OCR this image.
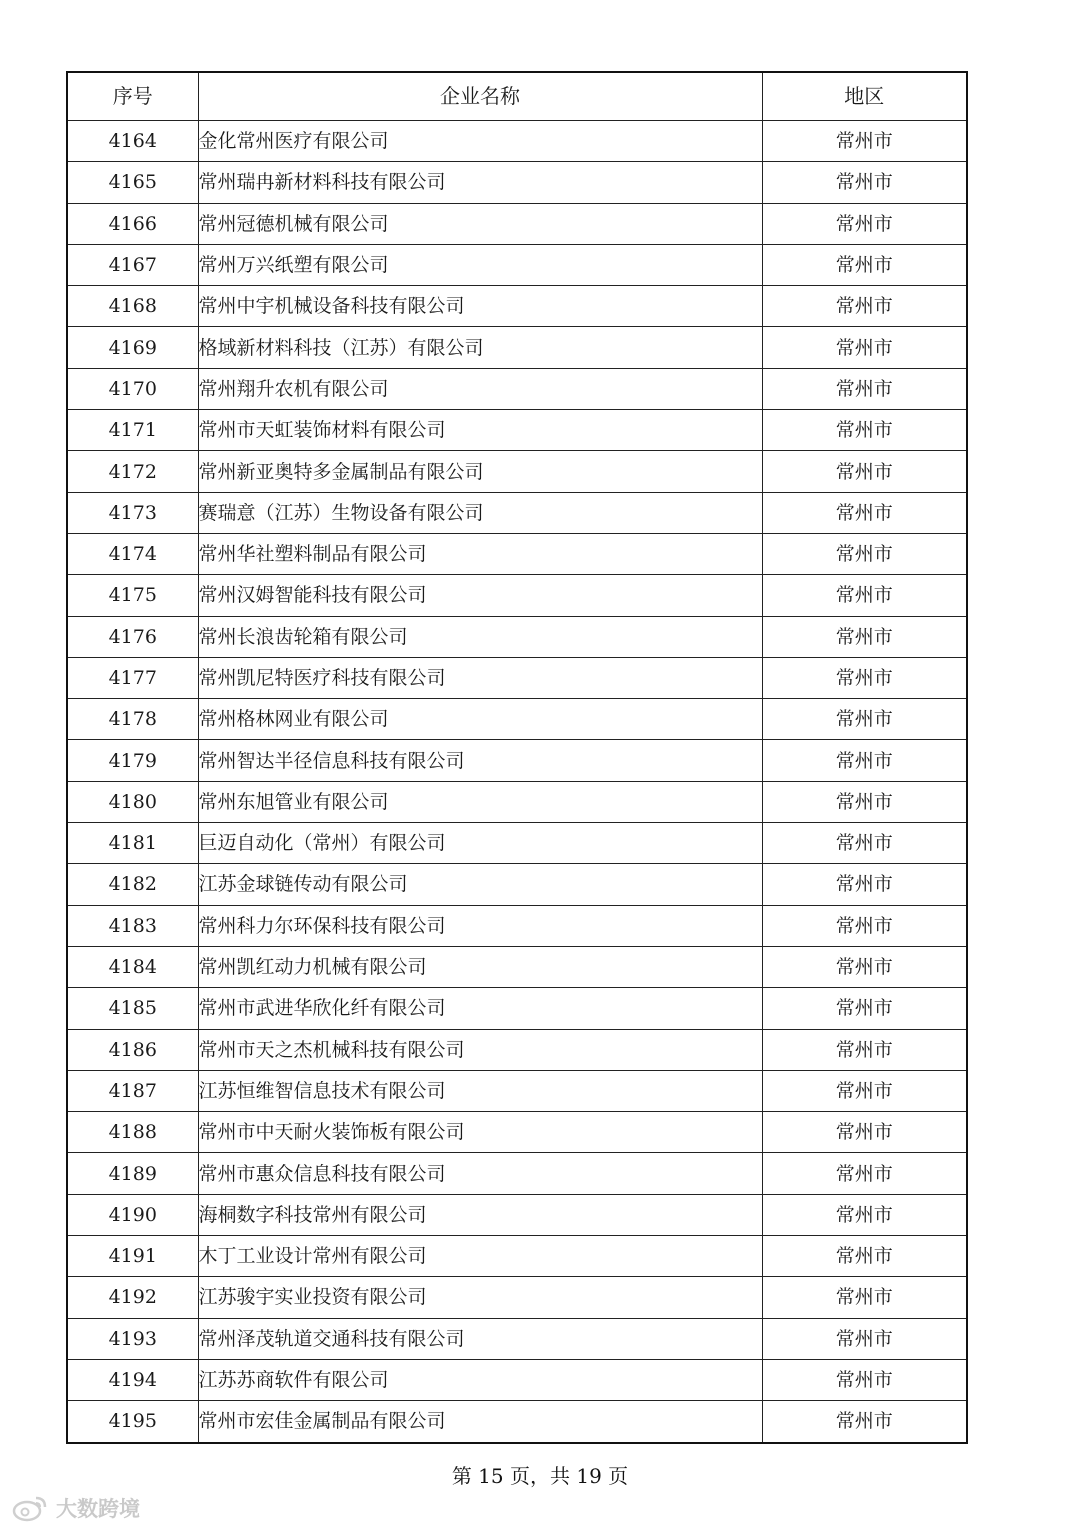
序号	企业名称	地区
4164	金化常州医疗有限公司	常州市
4165	常州瑞冉新材料科技有限公司	常州市
4166	常州冠德机械有限公司	常州市
4167	常州万兴纸塑有限公司	常州市
4168	常州中宇机械设备科技有限公司	常州市
4169	格域新材料科技（江苏）有限公司	常州市
4170	常州翔升农机有限公司	常州市
4171	常州市天虹装饰材料有限公司	常州市
4172	常州新亚奥特多金属制品有限公司	常州市
4173	赛瑞意（江苏）生物设备有限公司	常州市
4174	常州华社塑料制品有限公司	常州市
4175	常州汉姆智能科技有限公司	常州市
4176	常州长浪齿轮箱有限公司	常州市
4177	常州凯尼特医疗科技有限公司	常州市
4178	常州格林网业有限公司	常州市
4179	常州智达半径信息科技有限公司	常州市
4180	常州东旭管业有限公司	常州市
4181	巨迈自动化（常州）有限公司	常州市
4182	江苏金球链传动有限公司	常州市
4183	常州科力尔环保科技有限公司	常州市
4184	常州凯红动力机械有限公司	常州市
4185	常州市武进华欣化纤有限公司	常州市
4186	常州市天之杰机械科技有限公司	常州市
4187	江苏恒维智信息技术有限公司	常州市
4188	常州市中天耐火装饰板有限公司	常州市
4189	常州市惠众信息科技有限公司	常州市
4190	海桐数字科技常州有限公司	常州市
4191	木丁工业设计常州有限公司	常州市
4192	江苏骏宇实业投资有限公司	常州市
4193	常州泽茂轨道交通科技有限公司	常州市
4194	江苏苏商软件有限公司	常州市
4195	常州市宏佳金属制品有限公司	常州市
第 15 页，共 19 页
大数跨境
